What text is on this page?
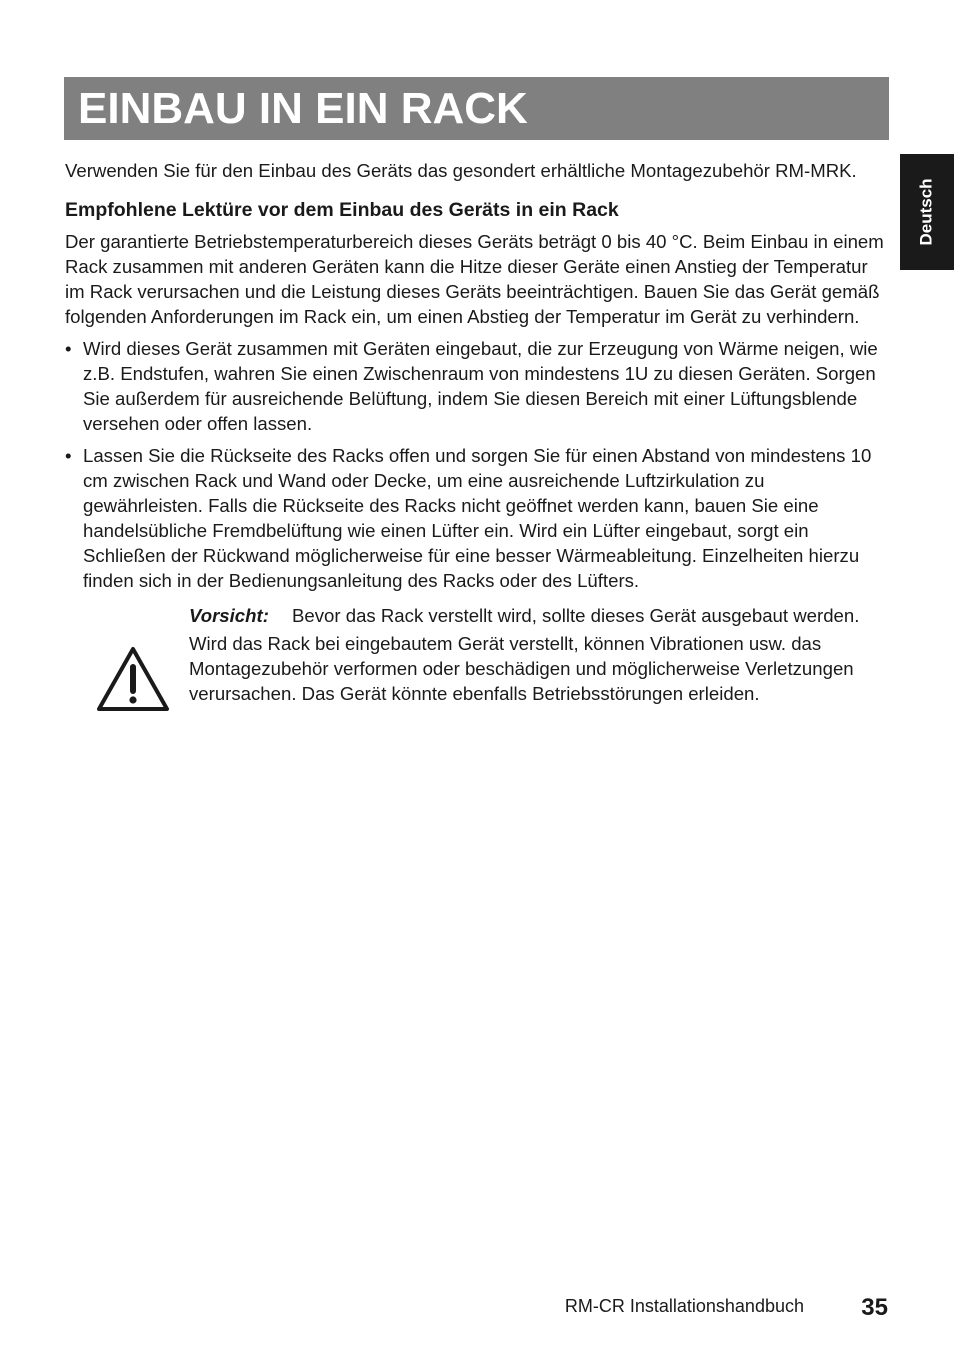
EINBAU IN EIN RACK
Deutsch

Verwenden Sie für den Einbau des Geräts das gesondert erhältliche Montagezubehör RM-MRK.

Empfohlene Lektüre vor dem Einbau des Geräts in ein Rack

Der garantierte Betriebstemperaturbereich dieses Geräts beträgt 0 bis 40 °C. Beim Einbau in einem Rack zusammen mit anderen Geräten kann die Hitze dieser Geräte einen Anstieg der Temperatur im Rack verursachen und die Leistung dieses Geräts beeinträchtigen. Bauen Sie das Gerät gemäß folgenden Anforderungen im Rack ein, um einen Abstieg der Temperatur im Gerät zu verhindern.

• Wird dieses Gerät zusammen mit Geräten eingebaut, die zur Erzeugung von Wärme neigen, wie z.B. Endstufen, wahren Sie einen Zwischenraum von mindestens 1U zu diesen Geräten. Sorgen Sie außerdem für ausreichende Belüftung, indem Sie diesen Bereich mit einer Lüftungsblende versehen oder offen lassen.
• Lassen Sie die Rückseite des Racks offen und sorgen Sie für einen Abstand von mindestens 10 cm zwischen Rack und Wand oder Decke, um eine ausreichende Luftzirkulation zu gewährleisten. Falls die Rückseite des Racks nicht geöffnet werden kann, bauen Sie eine handelsübliche Fremdbelüftung wie einen Lüfter ein. Wird ein Lüfter eingebaut, sorgt ein Schließen der Rückwand möglicherweise für eine besser Wärmeableitung. Einzelheiten hierzu finden sich in der Bedienungsanleitung des Racks oder des Lüfters.
Vorsicht:	Bevor das Rack verstellt wird, sollte dieses Gerät ausgebaut werden.

Wird das Rack bei eingebautem Gerät verstellt, können Vibrationen usw. das Montagezubehör verformen oder beschädigen und möglicherweise Verletzungen verursachen. Das Gerät könnte ebenfalls Betriebsstörungen erleiden.

RM-CR Installationshandbuch 35
